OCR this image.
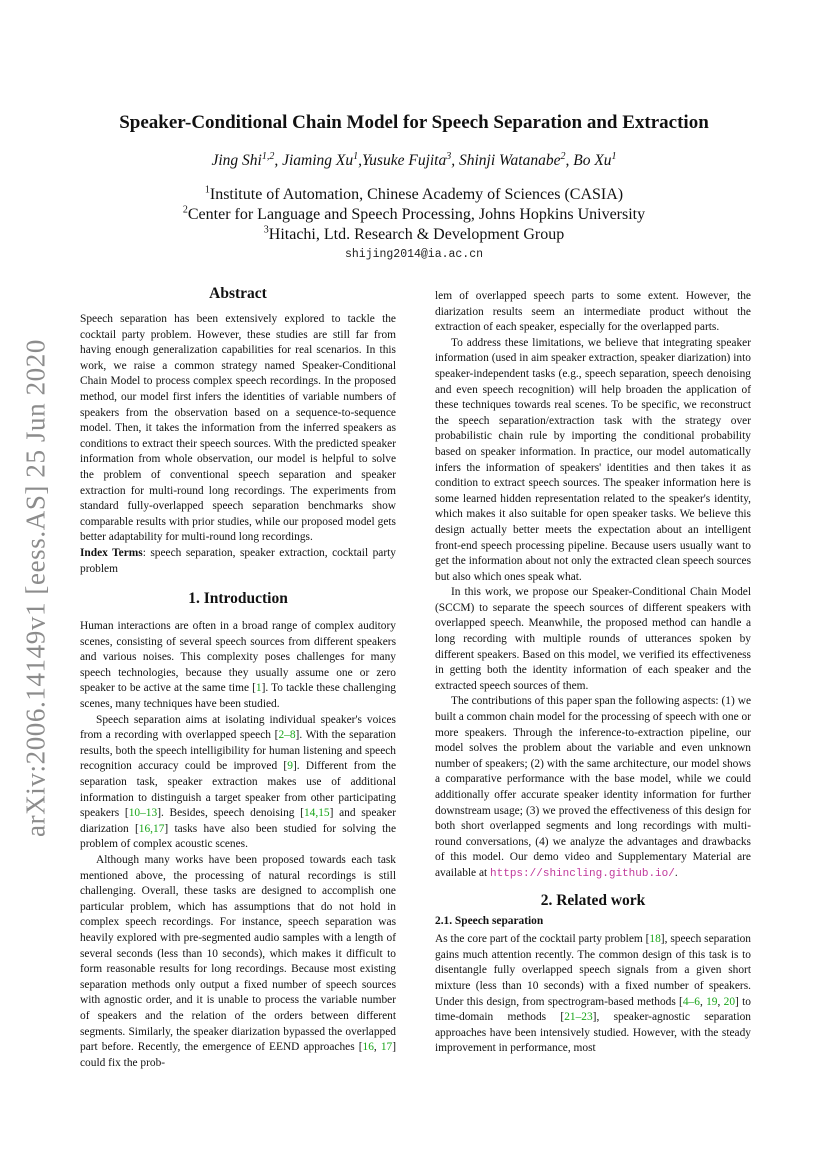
arXiv:2006.14149v1 [eess.AS] 25 Jun 2020
Speaker-Conditional Chain Model for Speech Separation and Extraction
Jing Shi$^{1,2}$, Jiaming Xu$^1$,Yusuke Fujita$^3$, Shinji Watanabe$^2$, Bo Xu$^1$
$^1$Institute of Automation, Chinese Academy of Sciences (CASIA)
$^2$Center for Language and Speech Processing, Johns Hopkins University
$^3$Hitachi, Ltd. Research & Development Group
shijing2014@ia.ac.cn
Abstract

Speech separation has been extensively explored to tackle the cocktail party problem. However, these studies are still far from having enough generalization capabilities for real scenarios. In this work, we raise a common strategy named Speaker-Conditional Chain Model to process complex speech recordings. In the proposed method, our model first infers the identities of variable numbers of speakers from the observation based on a sequence-to-sequence model. Then, it takes the information from the inferred speakers as conditions to extract their speech sources. With the predicted speaker information from whole observation, our model is helpful to solve the problem of conventional speech separation and speaker extraction for multi-round long recordings. The experiments from standard fully-overlapped speech separation benchmarks show comparable results with prior studies, while our proposed model gets better adaptability for multi-round long recordings.

Index Terms: speech separation, speaker extraction, cocktail party problem

1. Introduction

Human interactions are often in a broad range of complex auditory scenes, consisting of several speech sources from different speakers and various noises. This complexity poses challenges for many speech technologies, because they usually assume one or zero speaker to be active at the same time [1]. To tackle these challenging scenes, many techniques have been studied.

Speech separation aims at isolating individual speaker's voices from a recording with overlapped speech [2–8]. With the separation results, both the speech intelligibility for human listening and speech recognition accuracy could be improved [9]. Different from the separation task, speaker extraction makes use of additional information to distinguish a target speaker from other participating speakers [10–13]. Besides, speech denoising [14,15] and speaker diarization [16,17] tasks have also been studied for solving the problem of complex acoustic scenes.

Although many works have been proposed towards each task mentioned above, the processing of natural recordings is still challenging. Overall, these tasks are designed to accomplish one particular problem, which has assumptions that do not hold in complex speech recordings. For instance, speech separation was heavily explored with pre-segmented audio samples with a length of several seconds (less than 10 seconds), which makes it difficult to form reasonable results for long recordings. Because most existing separation methods only output a fixed number of speech sources with agnostic order, and it is unable to process the variable number of speakers and the relation of the orders between different segments. Similarly, the speaker diarization bypassed the overlapped part before. Recently, the emergence of EEND approaches [16, 17] could fix the prob-

lem of overlapped speech parts to some extent. However, the diarization results seem an intermediate product without the extraction of each speaker, especially for the overlapped parts.

To address these limitations, we believe that integrating speaker information (used in aim speaker extraction, speaker diarization) into speaker-independent tasks (e.g., speech separation, speech denoising and even speech recognition) will help broaden the application of these techniques towards real scenes. To be specific, we reconstruct the speech separation/extraction task with the strategy over probabilistic chain rule by importing the conditional probability based on speaker information. In practice, our model automatically infers the information of speakers' identities and then takes it as condition to extract speech sources. The speaker information here is some learned hidden representation related to the speaker's identity, which makes it also suitable for open speaker tasks. We believe this design actually better meets the expectation about an intelligent front-end speech processing pipeline. Because users usually want to get the information about not only the extracted clean speech sources but also which ones speak what.

In this work, we propose our Speaker-Conditional Chain Model (SCCM) to separate the speech sources of different speakers with overlapped speech. Meanwhile, the proposed method can handle a long recording with multiple rounds of utterances spoken by different speakers. Based on this model, we verified its effectiveness in getting both the identity information of each speaker and the extracted speech sources of them.

The contributions of this paper span the following aspects: (1) we built a common chain model for the processing of speech with one or more speakers. Through the inference-to-extraction pipeline, our model solves the problem about the variable and even unknown number of speakers; (2) with the same architecture, our model shows a comparative performance with the base model, while we could additionally offer accurate speaker identity information for further downstream usage; (3) we proved the effectiveness of this design for both short overlapped segments and long recordings with multi-round conversations, (4) we analyze the advantages and drawbacks of this model. Our demo video and Supplementary Material are available at https://shincling.github.io/.

2. Related work
2.1. Speech separation

As the core part of the cocktail party problem [18], speech separation gains much attention recently. The common design of this task is to disentangle fully overlapped speech signals from a given short mixture (less than 10 seconds) with a fixed number of speakers. Under this design, from spectrogram-based methods [4–6, 19, 20] to time-domain methods [21–23], speaker-agnostic separation approaches have been intensively studied. However, with the steady improvement in performance, most
